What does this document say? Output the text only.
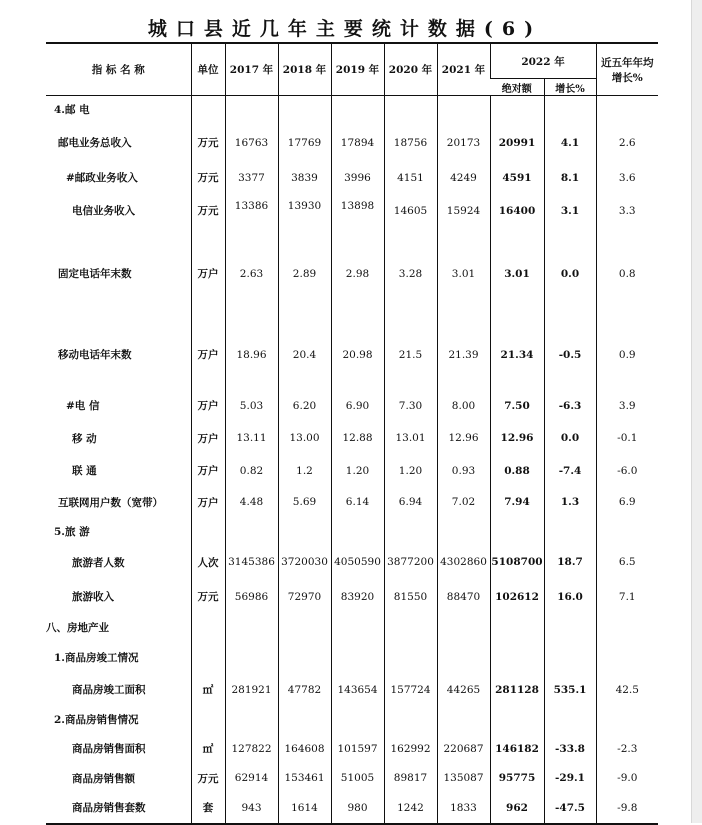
城口县近几年主要统计数据(6)
指 标 名 称	单位	2017 年	2018 年	2019 年	2020 年	2021 年	2022 年		近五年年均增长%
							绝对额	增长%	
4.邮 电									
邮电业务总收入	万元	16763	17769	17894	18756	20173	20991	4.1	2.6
#邮政业务收入	万元	3377	3839	3996	4151	4249	4591	8.1	3.6
电信业务收入	万元	13386	13930	13898	14605	15924	16400	3.1	3.3
固定电话年末数	万户	2.63	2.89	2.98	3.28	3.01	3.01	0.0	0.8
移动电话年末数	万户	18.96	20.4	20.98	21.5	21.39	21.34	-0.5	0.9
#电 信	万户	5.03	6.20	6.90	7.30	8.00	7.50	-6.3	3.9
移 动	万户	13.11	13.00	12.88	13.01	12.96	12.96	0.0	-0.1
联 通	万户	0.82	1.2	1.20	1.20	0.93	0.88	-7.4	-6.0
互联网用户数（宽带）	万户	4.48	5.69	6.14	6.94	7.02	7.94	1.3	6.9
5.旅 游									
旅游者人数	人次	3145386	3720030	4050590	3877200	4302860	5108700	18.7	6.5
旅游收入	万元	56986	72970	83920	81550	88470	102612	16.0	7.1
八、房地产业									
1.商品房竣工情况									
商品房竣工面积	㎡	281921	47782	143654	157724	44265	281128	535.1	42.5
2.商品房销售情况									
商品房销售面积	㎡	127822	164608	101597	162992	220687	146182	-33.8	-2.3
商品房销售额	万元	62914	153461	51005	89817	135087	95775	-29.1	-9.0
商品房销售套数	套	943	1614	980	1242	1833	962	-47.5	-9.8
